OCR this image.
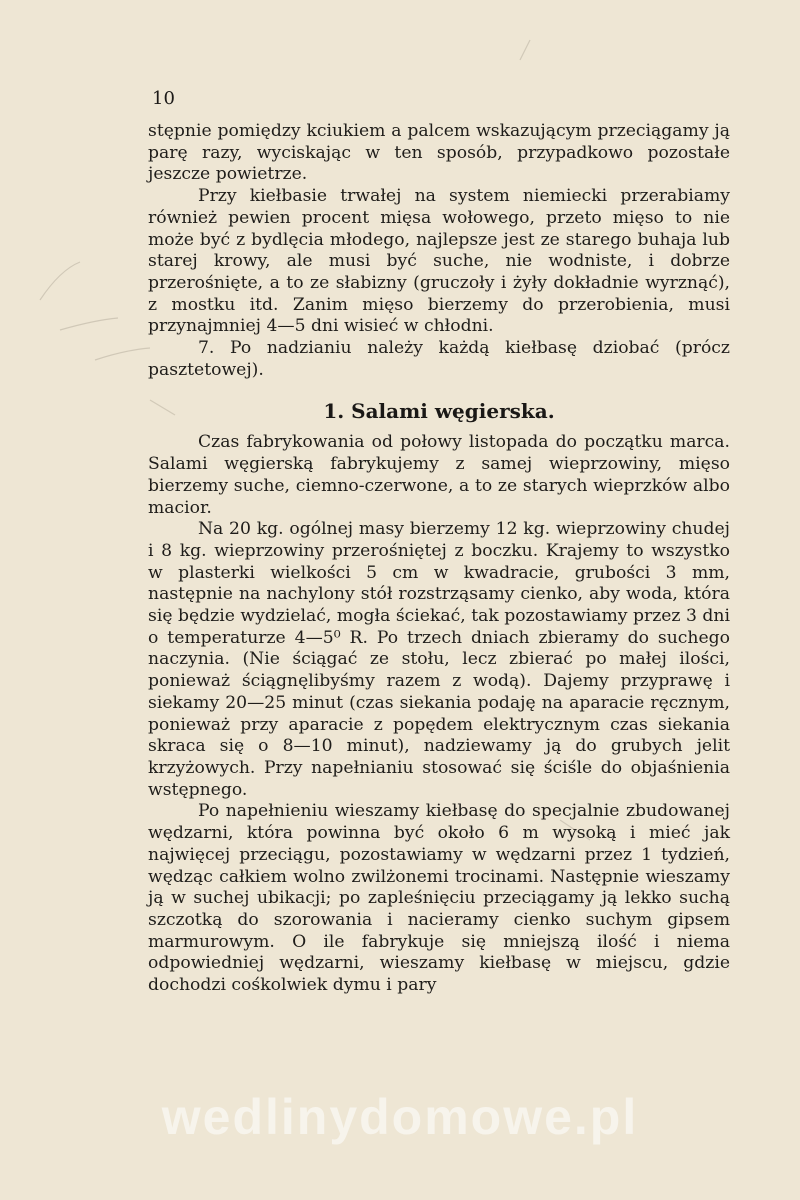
10

stępnie pomiędzy kciukiem a palcem wskazującym przeciągamy ją parę razy, wyciskając w ten sposób, przypadkowo pozostałe jeszcze powietrze.

Przy kiełbasie trwałej na system niemiecki przerabiamy również pewien procent mięsa wołowego, przeto mięso to nie może być z bydlęcia młodego, najlepsze jest ze starego buhaja lub starej krowy, ale musi być suche, nie wodniste, i dobrze przerośnięte, a to ze słabizny (gruczoły i żyły dokładnie wyrznąć), z mostku itd. Zanim mięso bierzemy do przerobienia, musi przynajmniej 4—5 dni wisieć w chłodni.

7. Po nadzianiu należy każdą kiełbasę dziobać (prócz pasztetowej).

1. Salami węgierska.

Czas fabrykowania od połowy listopada do początku marca. Salami węgierską fabrykujemy z samej wieprzowiny, mięso bierzemy suche, ciemno-czerwone, a to ze starych wieprzków albo macior.

Na 20 kg. ogólnej masy bierzemy 12 kg. wieprzowiny chudej i 8 kg. wieprzowiny przerośniętej z boczku. Krajemy to wszystko w plasterki wielkości 5 cm w kwadracie, grubości 3 mm, następnie na nachylony stół rozstrząsamy cienko, aby woda, która się będzie wydzielać, mogła ściekać, tak pozostawiamy przez 3 dni o temperaturze 4—5⁰ R. Po trzech dniach zbieramy do suchego naczynia. (Nie ściągać ze stołu, lecz zbierać po małej ilości, ponieważ ściągnęlibyśmy razem z wodą). Dajemy przyprawę i siekamy 20—25 minut (czas siekania podaję na aparacie ręcznym, ponieważ przy aparacie z popędem elektrycznym czas siekania skraca się o 8—10 minut), nadziewamy ją do grubych jelit krzyżowych. Przy napełnianiu stosować się ściśle do objaśnienia wstępnego.

Po napełnieniu wieszamy kiełbasę do specjalnie zbudowanej wędzarni, która powinna być około 6 m wysoką i mieć jak najwięcej przeciągu, pozostawiamy w wędzarni przez 1 tydzień, wędząc całkiem wolno zwilżonemi trocinami. Następnie wieszamy ją w suchej ubikacji; po zapleśnięciu przeciągamy ją lekko suchą szczotką do szorowania i nacieramy cienko suchym gipsem marmurowym. O ile fabrykuje się mniejszą ilość i niema odpowiedniej wędzarni, wieszamy kiełbasę w miejscu, gdzie dochodzi cośkolwiek dymu i pary

wedlinydomowe.pl
